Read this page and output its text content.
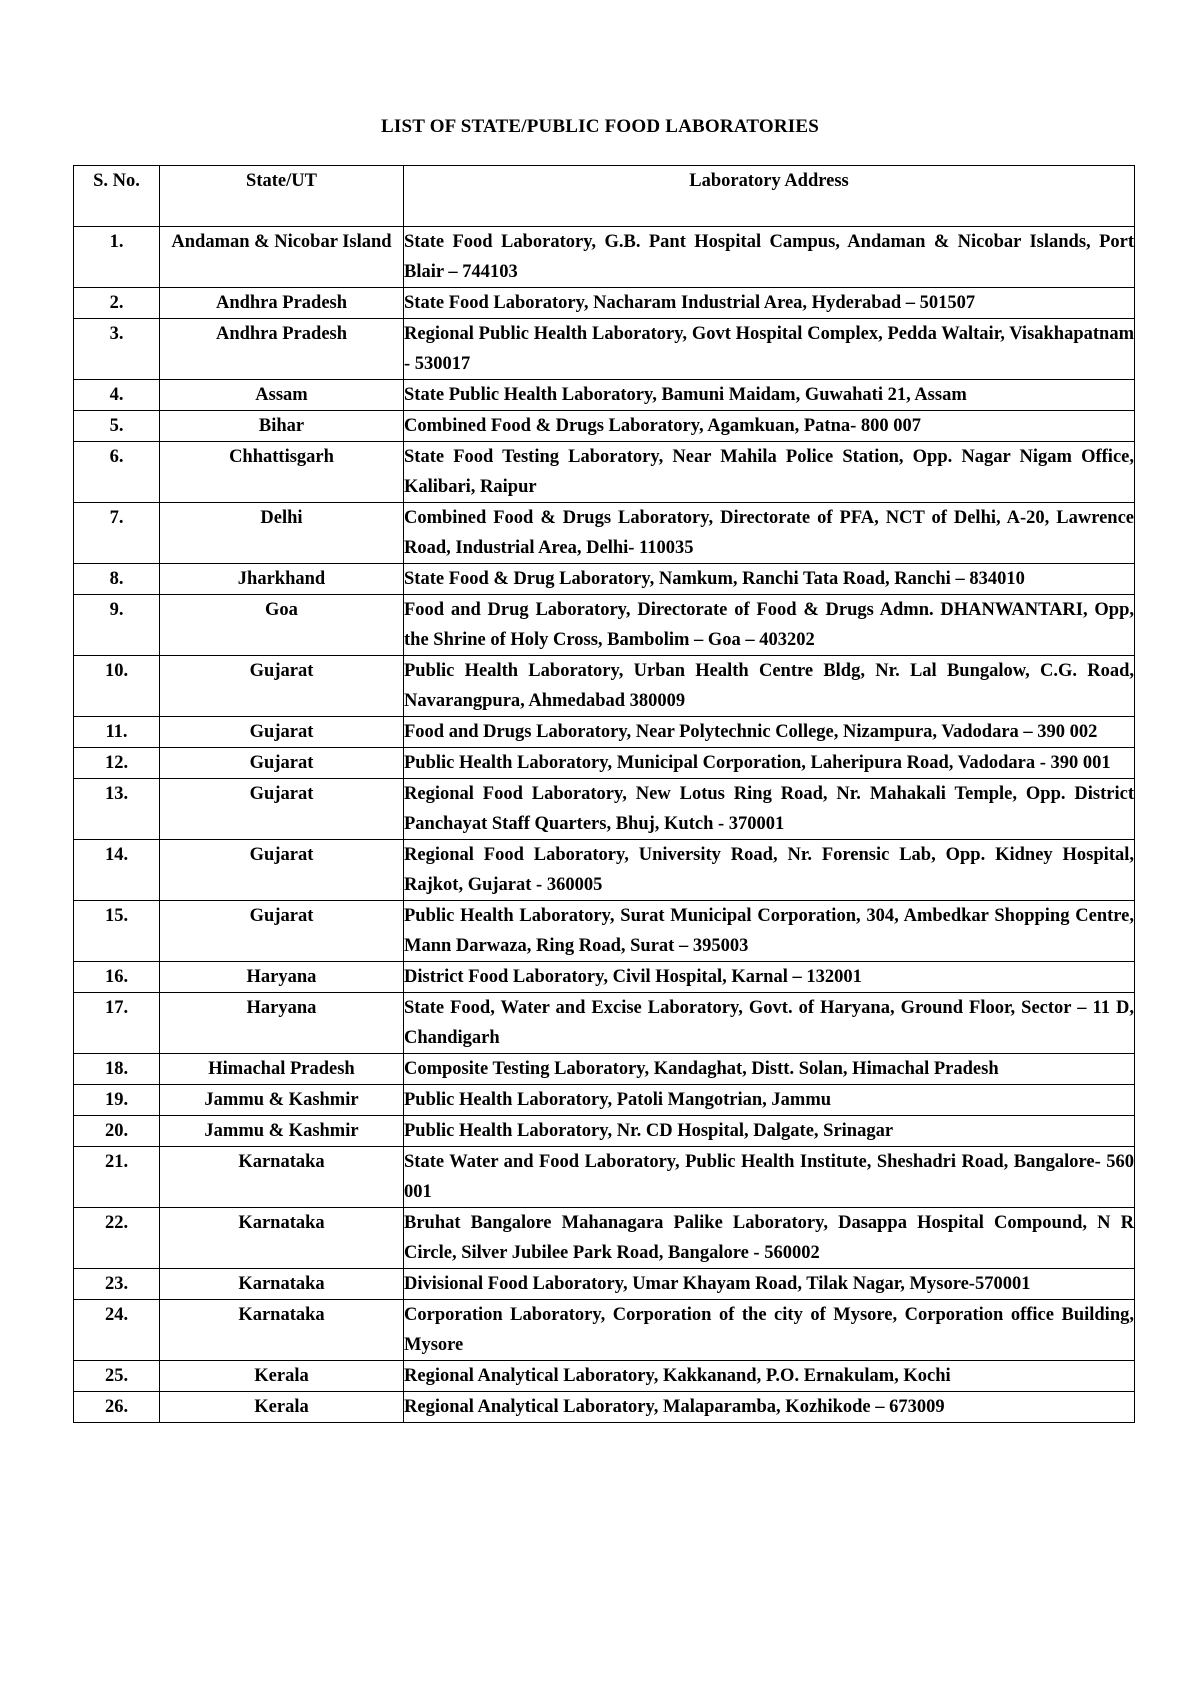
LIST OF STATE/PUBLIC FOOD LABORATORIES
S. No.	State/UT	Laboratory Address
1.	Andaman & Nicobar Island	State Food Laboratory, G.B. Pant Hospital Campus, Andaman & Nicobar Islands, Port Blair – 744103
2.	Andhra Pradesh	State Food Laboratory, Nacharam Industrial Area, Hyderabad – 501507
3.	Andhra Pradesh	Regional Public Health Laboratory, Govt Hospital Complex, Pedda Waltair, Visakhapatnam - 530017
4.	Assam	State Public Health Laboratory, Bamuni Maidam, Guwahati 21, Assam
5.	Bihar	Combined Food & Drugs Laboratory, Agamkuan, Patna- 800 007
6.	Chhattisgarh	State Food Testing Laboratory, Near Mahila Police Station, Opp. Nagar Nigam Office, Kalibari, Raipur
7.	Delhi	Combined Food & Drugs Laboratory, Directorate of PFA, NCT of Delhi, A-20, Lawrence Road, Industrial Area, Delhi- 110035
8.	Jharkhand	State Food & Drug Laboratory, Namkum, Ranchi Tata Road, Ranchi – 834010
9.	Goa	Food and Drug Laboratory, Directorate of Food & Drugs Admn. DHANWANTARI, Opp, the Shrine of Holy Cross, Bambolim – Goa – 403202
10.	Gujarat	Public Health Laboratory, Urban Health Centre Bldg, Nr. Lal Bungalow, C.G. Road, Navarangpura, Ahmedabad 380009
11.	Gujarat	Food and Drugs Laboratory, Near Polytechnic College, Nizampura, Vadodara – 390 002
12.	Gujarat	Public Health Laboratory, Municipal Corporation, Laheripura Road, Vadodara - 390 001
13.	Gujarat	Regional Food Laboratory, New Lotus Ring Road, Nr. Mahakali Temple, Opp. District Panchayat Staff Quarters, Bhuj, Kutch - 370001
14.	Gujarat	Regional Food Laboratory, University Road, Nr. Forensic Lab, Opp. Kidney Hospital, Rajkot, Gujarat - 360005
15.	Gujarat	Public Health Laboratory, Surat Municipal Corporation, 304, Ambedkar Shopping Centre, Mann Darwaza, Ring Road, Surat – 395003
16.	Haryana	District Food Laboratory, Civil Hospital, Karnal – 132001
17.	Haryana	State Food, Water and Excise Laboratory, Govt. of Haryana, Ground Floor, Sector – 11 D, Chandigarh
18.	Himachal Pradesh	Composite Testing Laboratory, Kandaghat, Distt. Solan, Himachal Pradesh
19.	Jammu & Kashmir	Public Health Laboratory, Patoli Mangotrian, Jammu
20.	Jammu & Kashmir	Public Health Laboratory, Nr. CD Hospital, Dalgate, Srinagar
21.	Karnataka	State Water and Food Laboratory, Public Health Institute, Sheshadri Road, Bangalore- 560 001
22.	Karnataka	Bruhat Bangalore Mahanagara Palike Laboratory, Dasappa Hospital Compound, N R Circle, Silver Jubilee Park Road, Bangalore - 560002
23.	Karnataka	Divisional Food Laboratory, Umar Khayam Road, Tilak Nagar, Mysore-570001
24.	Karnataka	Corporation Laboratory, Corporation of the city of Mysore, Corporation office Building, Mysore
25.	Kerala	Regional Analytical Laboratory, Kakkanand, P.O. Ernakulam, Kochi
26.	Kerala	Regional Analytical Laboratory, Malaparamba, Kozhikode – 673009
